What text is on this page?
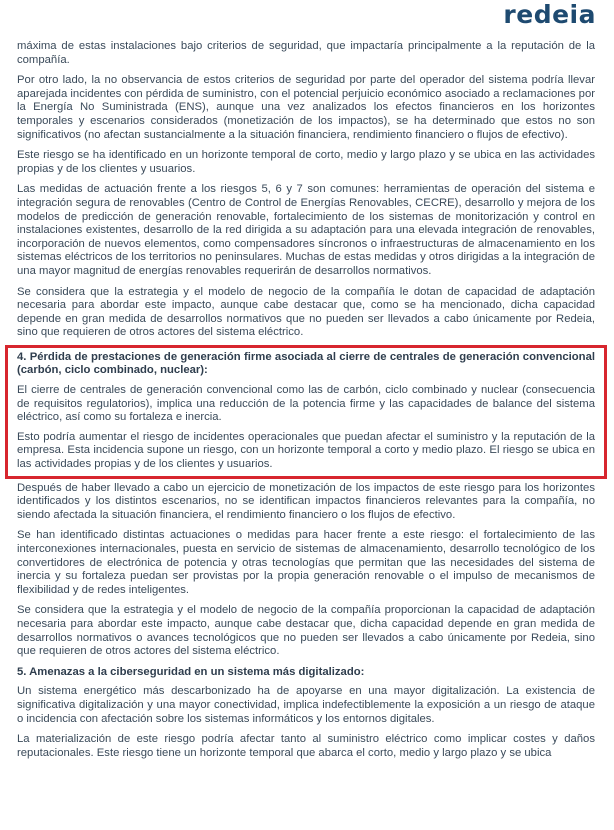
redeia

máxima de estas instalaciones bajo criterios de seguridad, que impactaría principalmente a la reputación de la compañía.

Por otro lado, la no observancia de estos criterios de seguridad por parte del operador del sistema podría llevar aparejada incidentes con pérdida de suministro, con el potencial perjuicio económico asociado a reclamaciones por la Energía No Suministrada (ENS), aunque una vez analizados los efectos financieros en los horizontes temporales y escenarios considerados (monetización de los impactos), se ha determinado que estos no son significativos (no afectan sustancialmente a la situación financiera, rendimiento financiero o flujos de efectivo).

Este riesgo se ha identificado en un horizonte temporal de corto, medio y largo plazo y se ubica en las actividades propias y de los clientes y usuarios.

Las medidas de actuación frente a los riesgos 5, 6 y 7 son comunes: herramientas de operación del sistema e integración segura de renovables (Centro de Control de Energías Renovables, CECRE), desarrollo y mejora de los modelos de predicción de generación renovable, fortalecimiento de los sistemas de monitorización y control en instalaciones existentes, desarrollo de la red dirigida a su adaptación para una elevada integración de renovables, incorporación de nuevos elementos, como compensadores síncronos o infraestructuras de almacenamiento en los sistemas eléctricos de los territorios no peninsulares. Muchas de estas medidas y otros dirigidas a la integración de una mayor magnitud de energías renovables requerirán de desarrollos normativos.

Se considera que la estrategia y el modelo de negocio de la compañía le dotan de capacidad de adaptación necesaria para abordar este impacto, aunque cabe destacar que, como se ha mencionado, dicha capacidad depende en gran medida de desarrollos normativos que no pueden ser llevados a cabo únicamente por Redeia, sino que requieren de otros actores del sistema eléctrico.

4. Pérdida de prestaciones de generación firme asociada al cierre de centrales de generación convencional (carbón, ciclo combinado, nuclear):

El cierre de centrales de generación convencional como las de carbón, ciclo combinado y nuclear (consecuencia de requisitos regulatorios), implica una reducción de la potencia firme y las capacidades de balance del sistema eléctrico, así como su fortaleza e inercia.

Esto podría aumentar el riesgo de incidentes operacionales que puedan afectar el suministro y la reputación de la empresa. Esta incidencia supone un riesgo, con un horizonte temporal a corto y medio plazo. El riesgo se ubica en las actividades propias y de los clientes y usuarios.

Después de haber llevado a cabo un ejercicio de monetización de los impactos de este riesgo para los horizontes identificados y los distintos escenarios, no se identifican impactos financieros relevantes para la compañía, no siendo afectada la situación financiera, el rendimiento financiero o los flujos de efectivo.

Se han identificado distintas actuaciones o medidas para hacer frente a este riesgo: el fortalecimiento de las interconexiones internacionales, puesta en servicio de sistemas de almacenamiento, desarrollo tecnológico de los convertidores de electrónica de potencia y otras tecnologías que permitan que las necesidades del sistema de inercia y su fortaleza puedan ser provistas por la propia generación renovable o el impulso de mecanismos de flexibilidad y de redes inteligentes.

Se considera que la estrategia y el modelo de negocio de la compañía proporcionan la capacidad de adaptación necesaria para abordar este impacto, aunque cabe destacar que, dicha capacidad depende en gran medida de desarrollos normativos o avances tecnológicos que no pueden ser llevados a cabo únicamente por Redeia, sino que requieren de otros actores del sistema eléctrico.

5. Amenazas a la ciberseguridad en un sistema más digitalizado:

Un sistema energético más descarbonizado ha de apoyarse en una mayor digitalización. La existencia de significativa digitalización y una mayor conectividad, implica indefectiblemente la exposición a un riesgo de ataque o incidencia con afectación sobre los sistemas informáticos y los entornos digitales.

La materialización de este riesgo podría afectar tanto al suministro eléctrico como implicar costes y daños reputacionales. Este riesgo tiene un horizonte temporal que abarca el corto, medio y largo plazo y se ubica
